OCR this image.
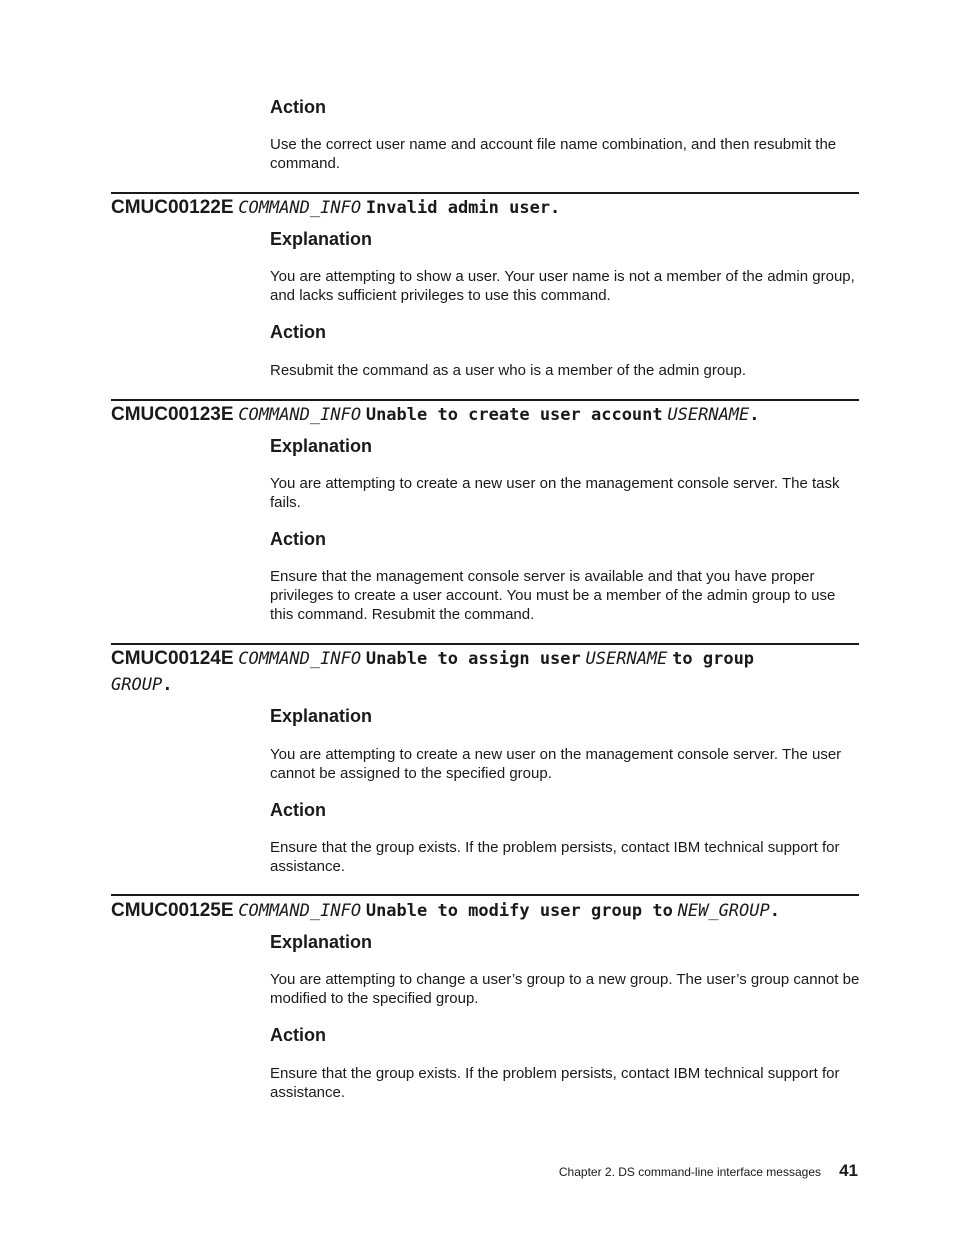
Action

Use the correct user name and account file name combination, and then resubmit the command.

CMUC00122E COMMAND_INFO Invalid admin user.

Explanation

You are attempting to show a user. Your user name is not a member of the admin group, and lacks sufficient privileges to use this command.

Action

Resubmit the command as a user who is a member of the admin group.

CMUC00123E COMMAND_INFO Unable to create user account USERNAME.

Explanation

You are attempting to create a new user on the management console server. The task fails.

Action

Ensure that the management console server is available and that you have proper privileges to create a user account. You must be a member of the admin group to use this command. Resubmit the command.

CMUC00124E COMMAND_INFO Unable to assign user USERNAME to group

GROUP.

Explanation

You are attempting to create a new user on the management console server. The user cannot be assigned to the specified group.

Action

Ensure that the group exists. If the problem persists, contact IBM technical support for assistance.

CMUC00125E COMMAND_INFO Unable to modify user group to NEW_GROUP.

Explanation

You are attempting to change a user’s group to a new group. The user’s group cannot be modified to the specified group.

Action

Ensure that the group exists. If the problem persists, contact IBM technical support for assistance.

Chapter 2. DS command-line interface messages 41
